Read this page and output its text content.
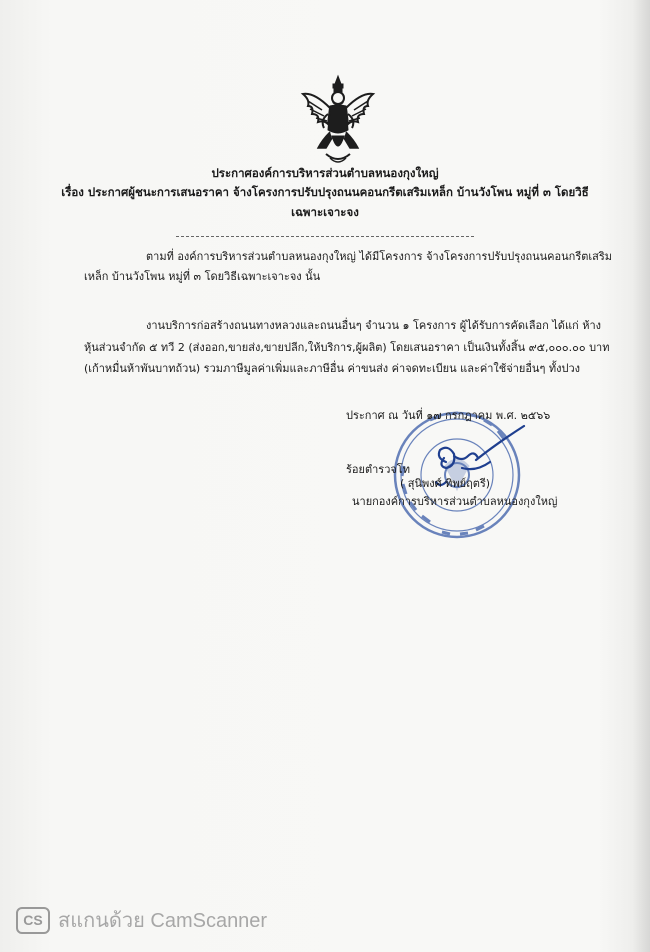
ประกาศองค์การบริหารส่วนตำบลหนองกุงใหญ่
เรื่อง ประกาศผู้ชนะการเสนอราคา จ้างโครงการปรับปรุงถนนคอนกรีตเสริมเหล็ก บ้านวังโพน หมู่ที่ ๓ โดยวิธี
เฉพาะเจาะจง
ตามที่ องค์การบริหารส่วนตำบลหนองกุงใหญ่ ได้มีโครงการ จ้างโครงการปรับปรุงถนนคอนกรีตเสริม
เหล็ก บ้านวังโพน หมู่ที่ ๓ โดยวิธีเฉพาะเจาะจง นั้น
งานบริการก่อสร้างถนนทางหลวงและถนนอื่นๆ จำนวน ๑ โครงการ ผู้ได้รับการคัดเลือก ได้แก่ ห้าง
หุ้นส่วนจำกัด ๕ ทวี 2 (ส่งออก,ขายส่ง,ขายปลีก,ให้บริการ,ผู้ผลิต) โดยเสนอราคา เป็นเงินทั้งสิ้น ๙๕,๐๐๐.๐๐ บาท
(เก้าหมื่นห้าพันบาทถ้วน) รวมภาษีมูลค่าเพิ่มและภาษีอื่น ค่าขนส่ง ค่าจดทะเบียน และค่าใช้จ่ายอื่นๆ ทั้งปวง
ประกาศ ณ วันที่ ๑๗ กรกฎาคม พ.ศ. ๒๕๖๖
ร้อยตำรวจโท
( สุนิพงศ์ ทิพย์ฤตรี)
นายกองค์การบริหารส่วนตำบลหนองกุงใหญ่
CS สแกนด้วย CamScanner
